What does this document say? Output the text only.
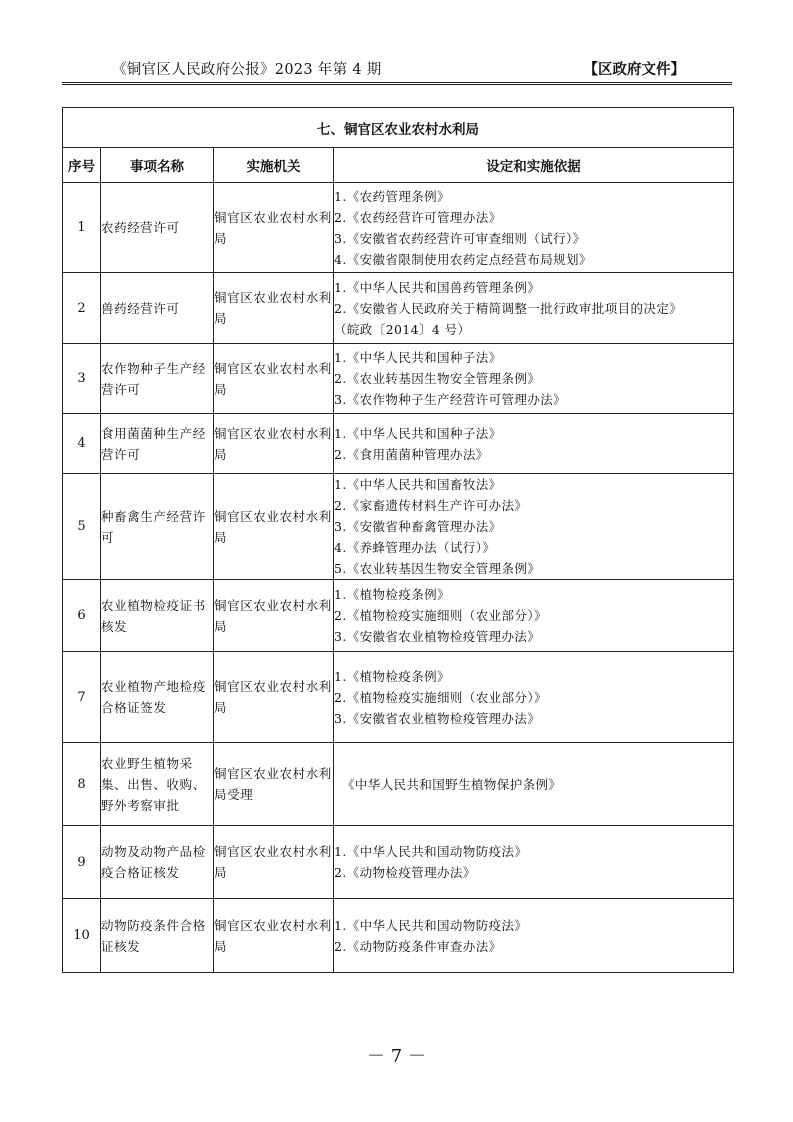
《铜官区人民政府公报》2023 年第 4 期	【区政府文件】
七、铜官区农业农村水利局			
序号	事项名称	实施机关	设定和实施依据
1	农药经营许可	铜官区农业农村水利局	1.《农药管理条例》
2.《农药经营许可管理办法》
3.《安徽省农药经营许可审查细则（试行）》
4.《安徽省限制使用农药定点经营布局规划》

2	兽药经营许可	铜官区农业农村水利局	1.《中华人民共和国兽药管理条例》
2.《安徽省人民政府关于精简调整一批行政审批项目的决定》
（皖政〔2014〕4 号）

3	农作物种子生产经营许可	铜官区农业农村水利局	1.《中华人民共和国种子法》
2.《农业转基因生物安全管理条例》
3.《农作物种子生产经营许可管理办法》

4	食用菌菌种生产经营许可	铜官区农业农村水利局	1.《中华人民共和国种子法》
2.《食用菌菌种管理办法》

5	种畜禽生产经营许可	铜官区农业农村水利局	1.《中华人民共和国畜牧法》
2.《家畜遗传材料生产许可办法》
3.《安徽省种畜禽管理办法》
4.《养蜂管理办法（试行）》
5.《农业转基因生物安全管理条例》

6	农业植物检疫证书核发	铜官区农业农村水利局	1.《植物检疫条例》
2.《植物检疫实施细则（农业部分）》
3.《安徽省农业植物检疫管理办法》

7	农业植物产地检疫合格证签发	铜官区农业农村水利局	1.《植物检疫条例》
2.《植物检疫实施细则（农业部分）》
3.《安徽省农业植物检疫管理办法》

8	农业野生植物采集、出售、收购、野外考察审批	铜官区农业农村水利局受理	《中华人民共和国野生植物保护条例》

9	动物及动物产品检疫合格证核发	铜官区农业农村水利局	1.《中华人民共和国动物防疫法》
2.《动物检疫管理办法》

10	动物防疫条件合格证核发	铜官区农业农村水利局	1.《中华人民共和国动物防疫法》
2.《动物防疫条件审查办法》
－ 7 －
